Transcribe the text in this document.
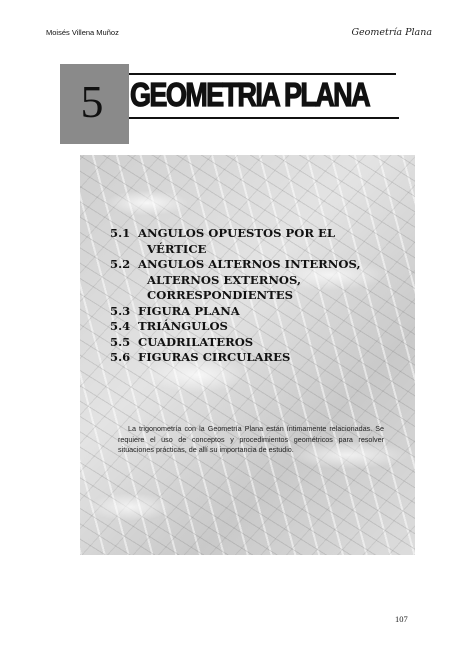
Moisés Villena Muñoz	Geometría Plana
5 GEOMETRIA PLANA
5.1 ANGULOS OPUESTOS POR EL VÉRTICE
5.2 ANGULOS ALTERNOS INTERNOS, ALTERNOS EXTERNOS, CORRESPONDIENTES
5.3 FIGURA PLANA
5.4 TRIÁNGULOS
5.5 CUADRILATEROS
5.6 FIGURAS CIRCULARES

La trigonometría con la Geometría Plana están íntimamente relacionadas. Se requiere el uso de conceptos y procedimientos geométricos para resolver situaciones prácticas, de allí su importancia de estudio.

107
